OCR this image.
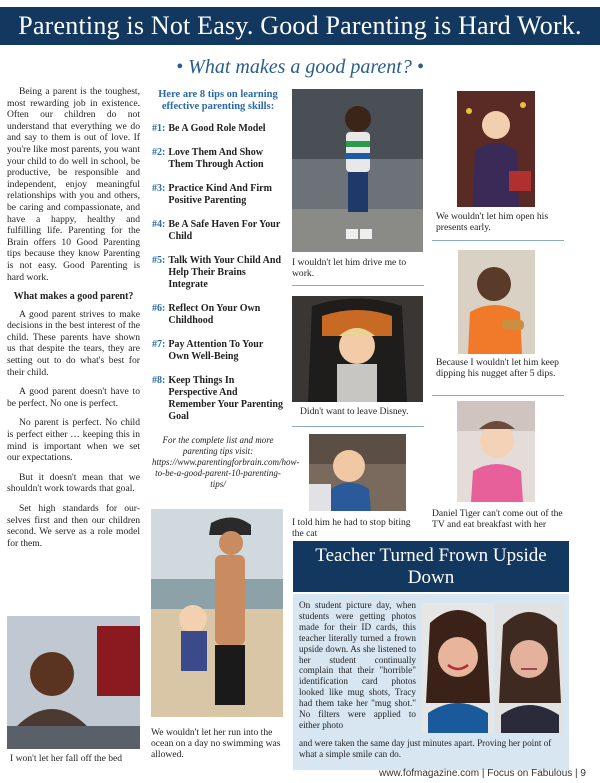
Parenting is Not Easy. Good Parenting is Hard Work.
• What makes a good parent? •

Being a parent is the toughest, most rewarding job in existence. Often our children do not understand that everything we do and say to them is out of love. If you're like most parents, you want your child to do well in school, be productive, be responsible and independent, enjoy meaningful relationships with you and others, be caring and compassionate, and have a happy, healthy and fulfilling life. Parenting for the Brain offers 10 Good Parenting tips because they know Parenting is not easy. Good Parenting is hard work.

What makes a good parent?

A good parent strives to make decisions in the best interest of the child. These parents have shown us that despite the tears, they are setting out to do what's best for their child.

A good parent doesn't have to be perfect. No one is perfect.

No parent is perfect. No child is perfect either … keeping this in mind is important when we set our expectations.

But it doesn't mean that we shouldn't work towards that goal.

Set high standards for our-selves first and then our children second. We serve as a role model for them.

Here are 8 tips on learning effective parenting skills:
#1: Be A Good Role Model
#2: Love Them And Show Them Through Action
#3: Practice Kind And Firm Positive Parenting
#4: Be A Safe Haven For Your Child
#5: Talk With Your Child And Help Their Brains Integrate
#6: Reflect On Your Own Childhood
#7: Pay Attention To Your Own Well-Being
#8: Keep Things In Perspective And Remember Your Parenting Goal
For the complete list and more parenting tips visit: https://www.parentingforbrain.com/how-to-be-a-good-parent-10-parenting-tips/
I wouldn't let him drive me to work.
Didn't want to leave Disney.
I told him he had to stop biting the cat
We wouldn't let him open his presents early.
Because I wouldn't let him keep dipping his nugget after 5 dips.
Daniel Tiger can't come out of the TV and eat breakfast with her
I won't let her fall off the bed
We wouldn't let her run into the ocean on a day no swimming was allowed.
Teacher Turned Frown Upside Down
On student picture day, when students were getting photos made for their ID cards, this teacher literally turned a frown upside down. As she listened to her student continually complain that their "horrible" identification card photos looked like mug shots, Tracy had them take her "mug shot." No filters were applied to either photo
and were taken the same day just minutes apart. Proving her point of what a simple smile can do.
www.fofmagazine.com | Focus on Fabulous | 9
